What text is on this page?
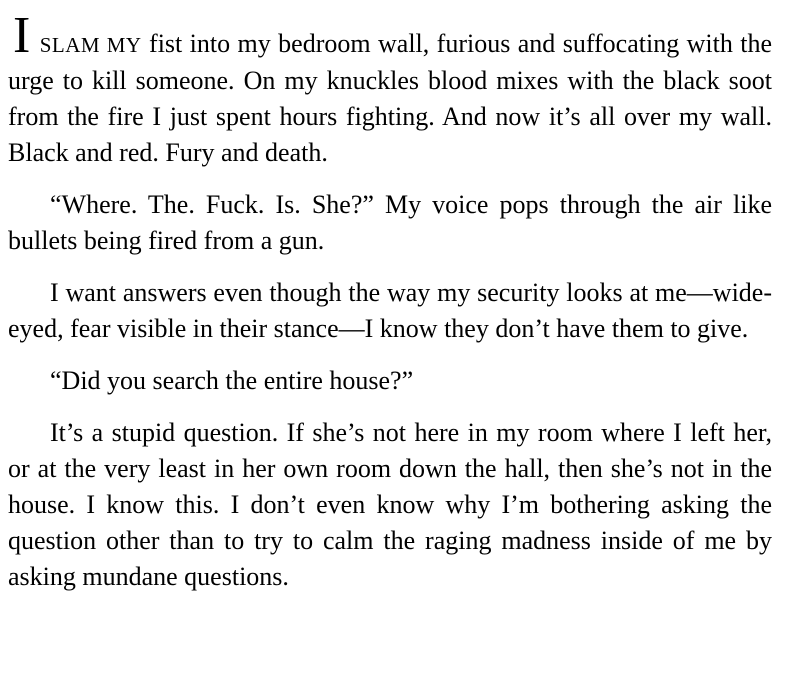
I SLAM MY fist into my bedroom wall, furious and suffocating with the urge to kill someone. On my knuckles blood mixes with the black soot from the fire I just spent hours fighting. And now it’s all over my wall. Black and red. Fury and death.

“Where. The. Fuck. Is. She?” My voice pops through the air like bullets being fired from a gun.

I want answers even though the way my security looks at me—wide-eyed, fear visible in their stance—I know they don’t have them to give.

“Did you search the entire house?”

It’s a stupid question. If she’s not here in my room where I left her, or at the very least in her own room down the hall, then she’s not in the house. I know this. I don’t even know why I’m bothering asking the question other than to try to calm the raging madness inside of me by asking mundane questions.
